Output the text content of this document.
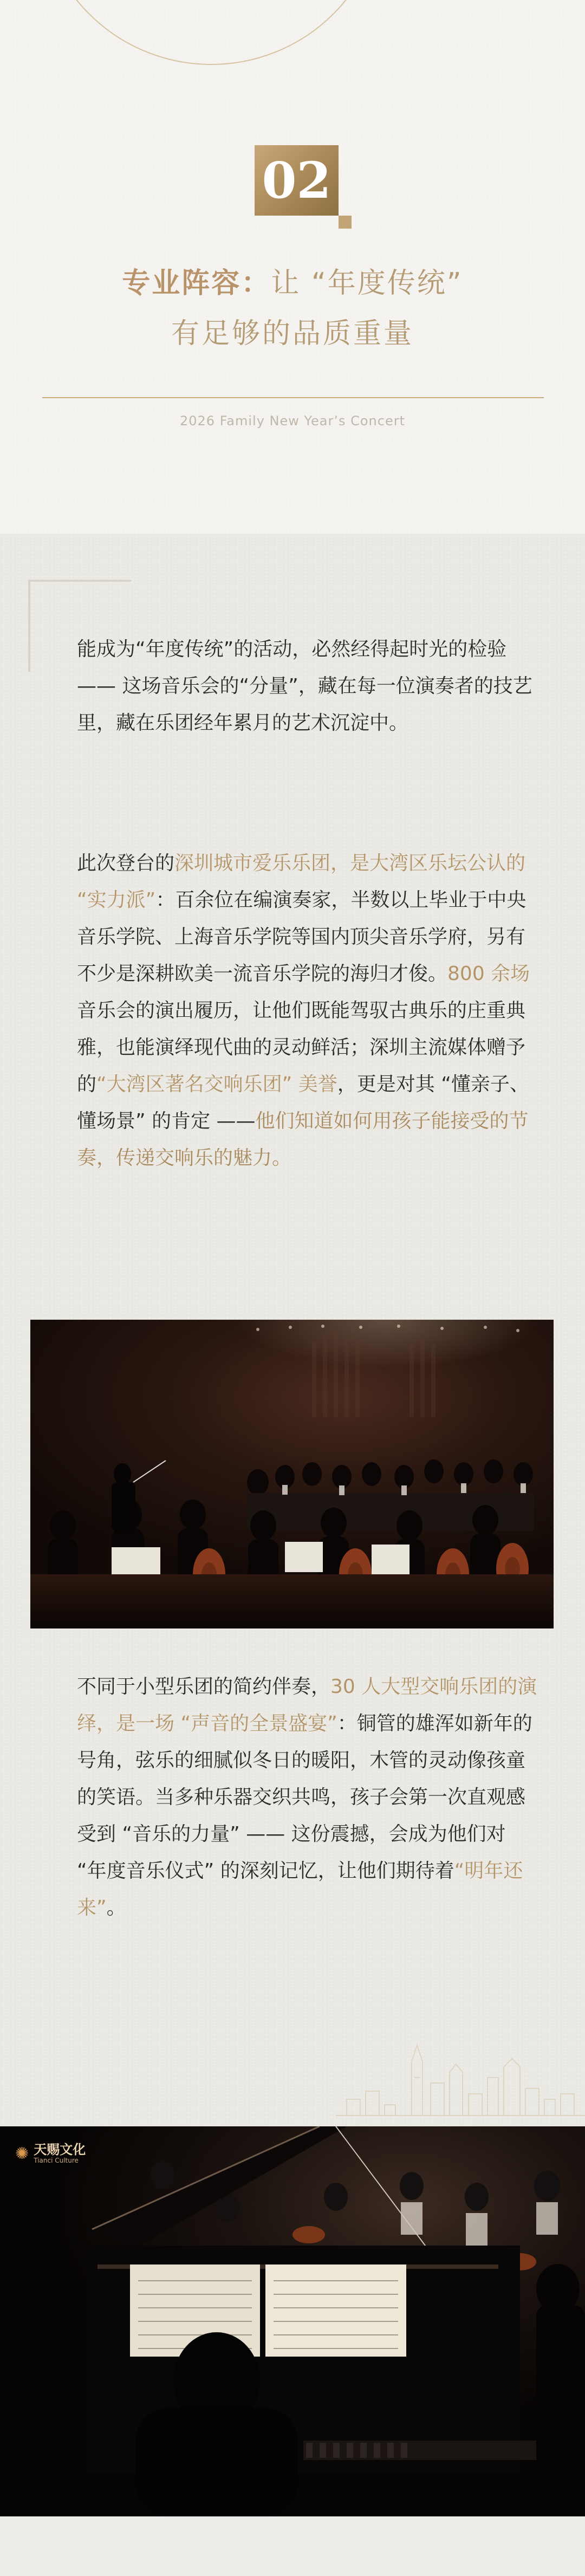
02
专业阵容：让 “年度传统”
有足够的品质重量
2026 Family New Year’s Concert

能成为“年度传统”的活动，必然经得起时光的检验 —— 这场音乐会的“分量”，藏在每一位演奏者的技艺里，藏在乐团经年累月的艺术沉淀中。

此次登台的深圳城市爱乐乐团，是大湾区乐坛公认的 “实力派”：百余位在编演奏家，半数以上毕业于中央音乐学院、上海音乐学院等国内顶尖音乐学府，另有不少是深耕欧美一流音乐学院的海归才俊。800 余场音乐会的演出履历，让他们既能驾驭古典乐的庄重典雅，也能演绎现代曲的灵动鲜活；深圳主流媒体赠予的“大湾区著名交响乐团” 美誉，更是对其 “懂亲子、懂场景” 的肯定 ——他们知道如何用孩子能接受的节奏，传递交响乐的魅力。

不同于小型乐团的简约伴奏，30 人大型交响乐团的演绎，是一场 “声音的全景盛宴”：铜管的雄浑如新年的号角，弦乐的细腻似冬日的暖阳，木管的灵动像孩童的笑语。当多种乐器交织共鸣，孩子会第一次直观感受到 “音乐的力量” —— 这份震撼，会成为他们对 “年度音乐仪式” 的深刻记忆，让他们期待着“明年还来”。

✺ 天赐文化
Tianci Culture
